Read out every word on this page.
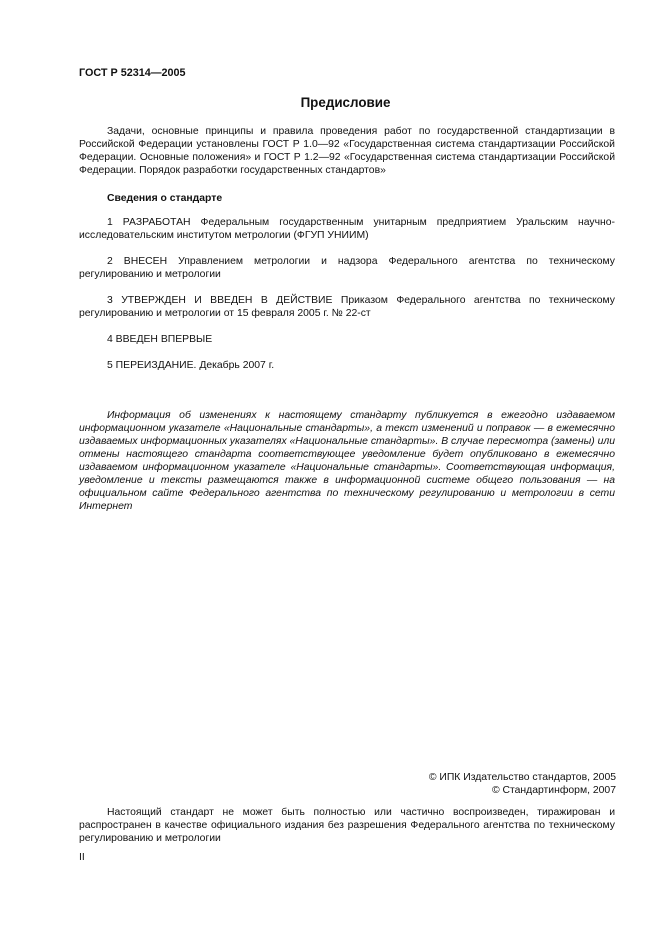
ГОСТ Р 52314—2005
Предисловие
Задачи, основные принципы и правила проведения работ по государственной стандартизации в Российской Федерации установлены ГОСТ Р 1.0—92 «Государственная система стандартизации Российской Федерации. Основные положения» и ГОСТ Р 1.2—92 «Государственная система стандартизации Российской Федерации. Порядок разработки государственных стандартов»
Сведения о стандарте
1 РАЗРАБОТАН Федеральным государственным унитарным предприятием Уральским научно-исследовательским институтом метрологии (ФГУП УНИИМ)
2 ВНЕСЕН Управлением метрологии и надзора Федерального агентства по техническому регулированию и метрологии
3 УТВЕРЖДЕН И ВВЕДЕН В ДЕЙСТВИЕ Приказом Федерального агентства по техническому регулированию и метрологии от 15 февраля 2005 г. № 22-ст
4 ВВЕДЕН ВПЕРВЫЕ
5 ПЕРЕИЗДАНИЕ. Декабрь 2007 г.
Информация об изменениях к настоящему стандарту публикуется в ежегодно издаваемом информационном указателе «Национальные стандарты», а текст изменений и поправок — в ежемесячно издаваемых информационных указателях «Национальные стандарты». В случае пересмотра (замены) или отмены настоящего стандарта соответствующее уведомление будет опубликовано в ежемесячно издаваемом информационном указателе «Национальные стандарты». Соответствующая информация, уведомление и тексты размещаются также в информационной системе общего пользования — на официальном сайте Федерального агентства по техническому регулированию и метрологии в сети Интернет
© ИПК Издательство стандартов, 2005
© Стандартинформ, 2007
Настоящий стандарт не может быть полностью или частично воспроизведен, тиражирован и распространен в качестве официального издания без разрешения Федерального агентства по техническому регулированию и метрологии
II
